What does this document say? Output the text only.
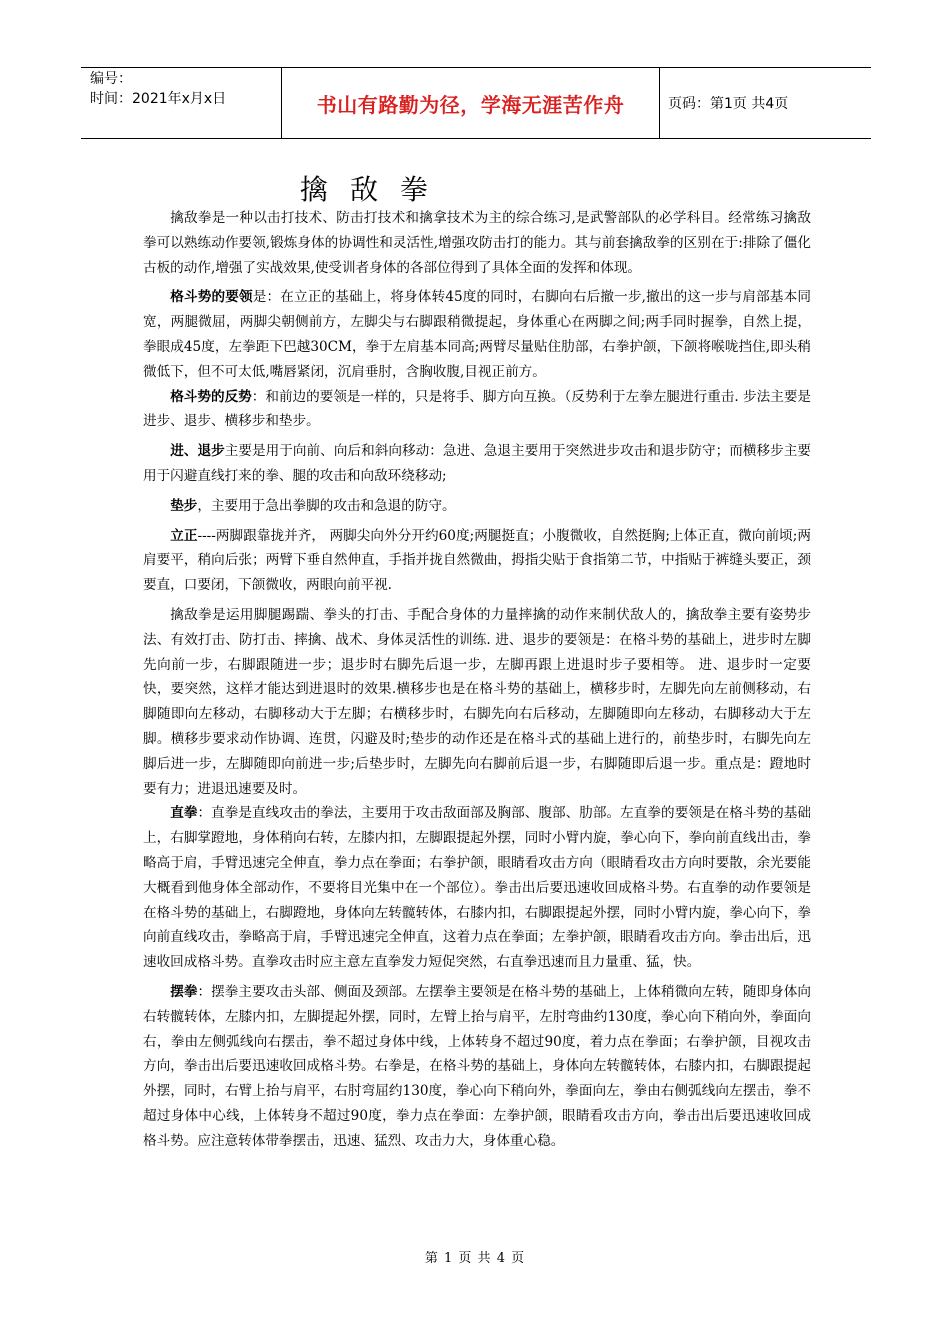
编号：
时间：2021年x月x日	书山有路勤为径，学海无涯苦作舟	页码：第1页 共4页
擒敌拳

擒敌拳是一种以击打技术、防击打技术和擒拿技术为主的综合练习,是武警部队的必学科目。经常练习擒敌拳可以熟练动作要领,锻炼身体的协调性和灵活性,增强攻防击打的能力。其与前套擒敌拳的区别在于:排除了僵化古板的动作,增强了实战效果,使受训者身体的各部位得到了具体全面的发挥和体现。

格斗势的要领是：在立正的基础上，将身体转45度的同时，右脚向右后撤一步,撤出的这一步与肩部基本同宽，两腿微屈，两脚尖朝侧前方，左脚尖与右脚跟稍微提起，身体重心在两脚之间;两手同时握拳，自然上提，拳眼成45度，左拳距下巴越30CM，拳于左肩基本同高;两臂尽量贴住肋部，右拳护颌，下颌将喉咙挡住,即头稍微低下，但不可太低,嘴唇紧闭，沉肩垂肘，含胸收腹,目视正前方。

格斗势的反势：和前边的要领是一样的，只是将手、脚方向互换。（反势利于左拳左腿进行重击. 步法主要是进步、退步、横移步和垫步。

进、退步主要是用于向前、向后和斜向移动：急进、急退主要用于突然进步攻击和退步防守；而横移步主要用于闪避直线打来的拳、腿的攻击和向敌环绕移动;

垫步，主要用于急出拳脚的攻击和急退的防守。

立正----两脚跟靠拢并齐， 两脚尖向外分开约60度;两腿挺直；小腹微收，自然挺胸;上体正直，微向前顷;两肩要平，稍向后张；两臂下垂自然伸直，手指并拢自然微曲，拇指尖贴于食指第二节，中指贴于裤缝头要正，颈要直，口要闭，下颌微收，两眼向前平视.

擒敌拳是运用脚腿踢踹、拳头的打击、手配合身体的力量摔擒的动作来制伏敌人的，擒敌拳主要有姿势步法、有效打击、防打击、摔擒、战术、身体灵活性的训练. 进、退步的要领是：在格斗势的基础上，进步时左脚先向前一步，右脚跟随进一步；退步时右脚先后退一步，左脚再跟上进退时步子要相等。 进、退步时一定要快，要突然，这样才能达到进退时的效果.横移步也是在格斗势的基础上，横移步时，左脚先向左前侧移动，右脚随即向左移动，右脚移动大于左脚；右横移步时，右脚先向右后移动，左脚随即向左移动，右脚移动大于左脚。横移步要求动作协调、连贯，闪避及时;垫步的动作还是在格斗式的基础上进行的，前垫步时，右脚先向左脚后进一步，左脚随即向前进一步;后垫步时，左脚先向右脚前后退一步，右脚随即后退一步。重点是：蹬地时要有力；进退迅速要及时。

直拳：直拳是直线攻击的拳法，主要用于攻击敌面部及胸部、腹部、肋部。左直拳的要领是在格斗势的基础上，右脚掌蹬地，身体稍向右转，左膝内扣，左脚跟提起外摆，同时小臂内旋，拳心向下，拳向前直线出击，拳略高于肩，手臂迅速完全伸直，拳力点在拳面；右拳护颌，眼睛看攻击方向（眼睛看攻击方向时要散，余光要能大概看到他身体全部动作，不要将目光集中在一个部位）。拳击出后要迅速收回成格斗势。右直拳的动作要领是在格斗势的基础上，右脚蹬地，身体向左转髋转体，右膝内扣，右脚跟提起外摆，同时小臂内旋，拳心向下，拳向前直线攻击，拳略高于肩，手臂迅速完全伸直，这着力点在拳面；左拳护颌，眼睛看攻击方向。拳击出后，迅速收回成格斗势。直拳攻击时应主意左直拳发力短促突然，右直拳迅速而且力量重、猛，快。

摆拳：摆拳主要攻击头部、侧面及颈部。左摆拳主要领是在格斗势的基础上，上体稍微向左转，随即身体向右转髋转体，左膝内扣，左脚提起外摆，同时，左臂上抬与肩平，左肘弯曲约130度，拳心向下稍向外，拳面向右，拳由左侧弧线向右摆击，拳不超过身体中线，上体转身不超过90度，着力点在拳面；右拳护颌，目视攻击方向，拳击出后要迅速收回成格斗势。右拳是，在格斗势的基础上，身体向左转髋转体，右膝内扣，右脚跟提起外摆，同时，右臂上抬与肩平，右肘弯屈约130度，拳心向下稍向外，拳面向左，拳由右侧弧线向左摆击，拳不超过身体中心线，上体转身不超过90度，拳力点在拳面：左拳护颌，眼睛看攻击方向，拳击出后要迅速收回成格斗势。应注意转体带拳摆击，迅速、猛烈、攻击力大，身体重心稳。

第 1 页 共 4 页
